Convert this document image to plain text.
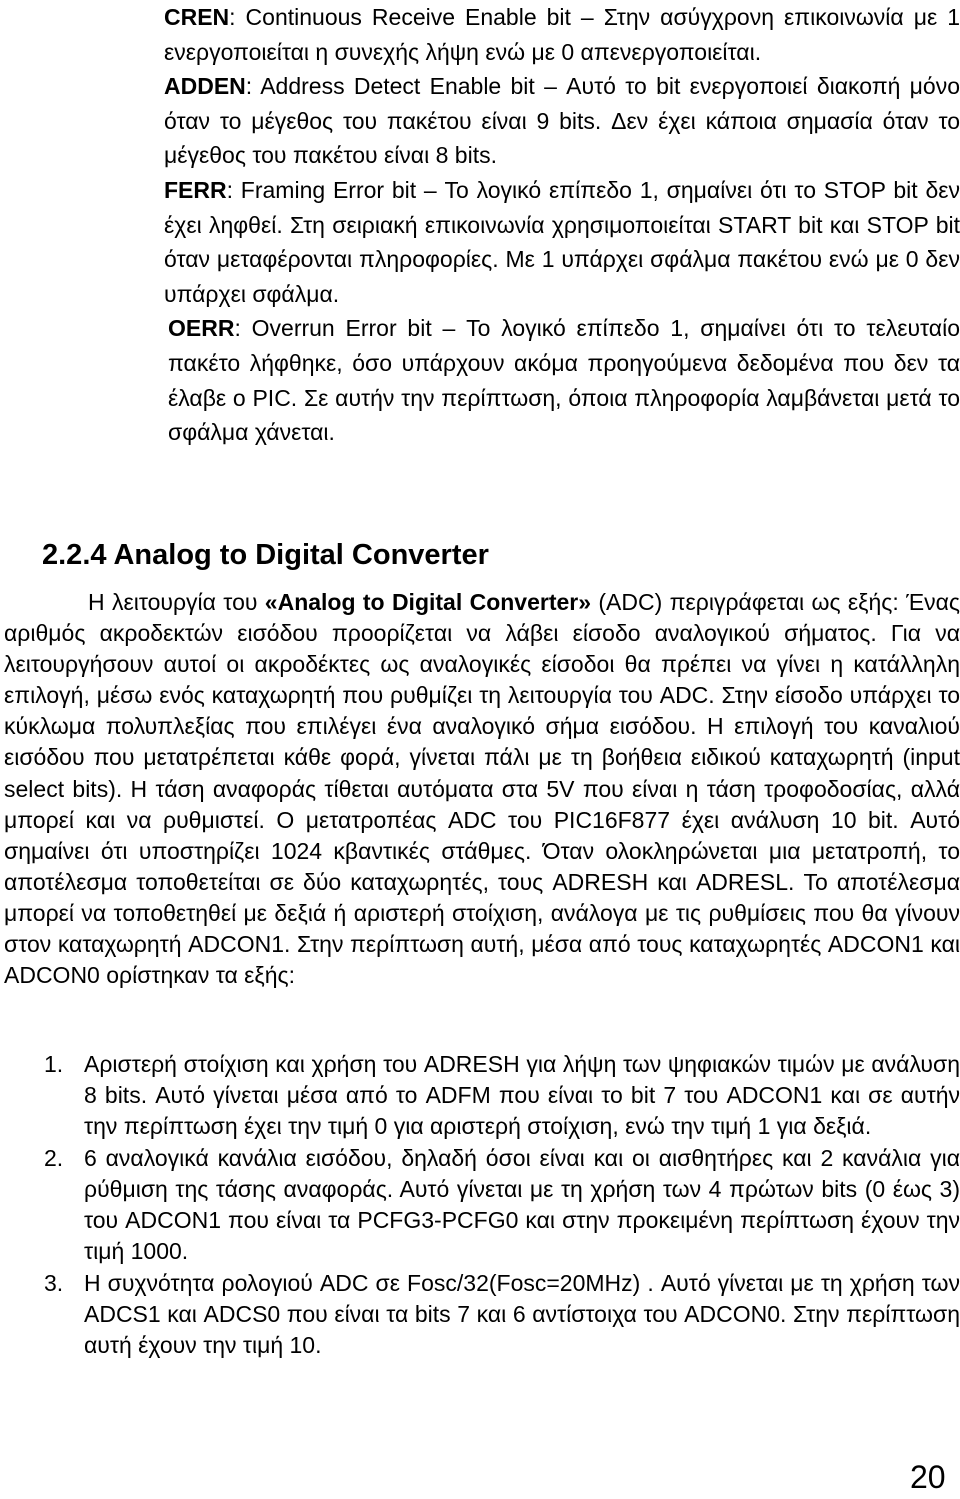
CREN: Continuous Receive Enable bit – Στην ασύγχρονη επικοινωνία με 1 ενεργοποιείται η συνεχής λήψη ενώ με 0 απενεργοποιείται.

ADDEN: Address Detect Enable bit – Αυτό το bit ενεργοποιεί διακοπή μόνο όταν το μέγεθος του πακέτου είναι 9 bits. Δεν έχει κάποια σημασία όταν το μέγεθος του πακέτου είναι 8 bits.

FERR: Framing Error bit – Το λογικό επίπεδο 1, σημαίνει ότι το STOP bit δεν έχει ληφθεί. Στη σειριακή επικοινωνία χρησιμοποιείται START bit και STOP bit όταν μεταφέρονται πληροφορίες. Με 1 υπάρχει σφάλμα πακέτου ενώ με 0 δεν υπάρχει σφάλμα.

OERR: Overrun Error bit – Το λογικό επίπεδο 1, σημαίνει ότι το τελευταίο πακέτο λήφθηκε, όσο υπάρχουν ακόμα προηγούμενα δεδομένα που δεν τα έλαβε ο PIC. Σε αυτήν την περίπτωση, όποια πληροφορία λαμβάνεται μετά το σφάλμα χάνεται.

2.2.4 Analog to Digital Converter

Η λειτουργία του «Analog to Digital Converter» (ADC) περιγράφεται ως εξής: Ένας αριθμός ακροδεκτών εισόδου προορίζεται να λάβει είσοδο αναλογικού σήματος. Για να λειτουργήσουν αυτοί οι ακροδέκτες ως αναλογικές είσοδοι θα πρέπει να γίνει η κατάλληλη επιλογή, μέσω ενός καταχωρητή που ρυθμίζει τη λειτουργία του ADC. Στην είσοδο υπάρχει το κύκλωμα πολυπλεξίας που επιλέγει ένα αναλογικό σήμα εισόδου. Η επιλογή του καναλιού εισόδου που μετατρέπεται κάθε φορά, γίνεται πάλι με τη βοήθεια ειδικού καταχωρητή (input select bits). Η τάση αναφοράς τίθεται αυτόματα στα 5V που είναι η τάση τροφοδοσίας, αλλά μπορεί και να ρυθμιστεί. Ο μετατροπέας ADC του PIC16F877 έχει ανάλυση 10 bit. Αυτό σημαίνει ότι υποστηρίζει 1024 κβαντικές στάθμες. Όταν ολοκληρώνεται μια μετατροπή, το αποτέλεσμα τοποθετείται σε δύο καταχωρητές, τους ADRESH και ADRESL. Το αποτέλεσμα μπορεί να τοποθετηθεί με δεξιά ή αριστερή στοίχιση, ανάλογα με τις ρυθμίσεις που θα γίνουν στον καταχωρητή ADCON1. Στην περίπτωση αυτή, μέσα από τους καταχωρητές ADCON1 και ADCON0 ορίστηκαν τα εξής:

1. Αριστερή στοίχιση και χρήση του ADRESH για λήψη των ψηφιακών τιμών με ανάλυση 8 bits. Αυτό γίνεται μέσα από το ADFM που είναι το bit 7 του ADCON1 και σε αυτήν την περίπτωση έχει την τιμή 0 για αριστερή στοίχιση, ενώ την τιμή 1 για δεξιά.
2. 6 αναλογικά κανάλια εισόδου, δηλαδή όσοι είναι και οι αισθητήρες και 2 κανάλια για ρύθμιση της τάσης αναφοράς. Αυτό γίνεται με τη χρήση των 4 πρώτων bits (0 έως 3) του ADCON1 που είναι τα PCFG3-PCFG0 και στην προκειμένη περίπτωση έχουν την τιμή 1000.
3. Η συχνότητα ρολογιού ADC σε Fosc/32(Fosc=20MHz) . Αυτό γίνεται με τη χρήση των ADCS1 και ADCS0 που είναι τα bits 7 και 6 αντίστοιχα του ADCON0. Στην περίπτωση αυτή έχουν την τιμή 10.
20
